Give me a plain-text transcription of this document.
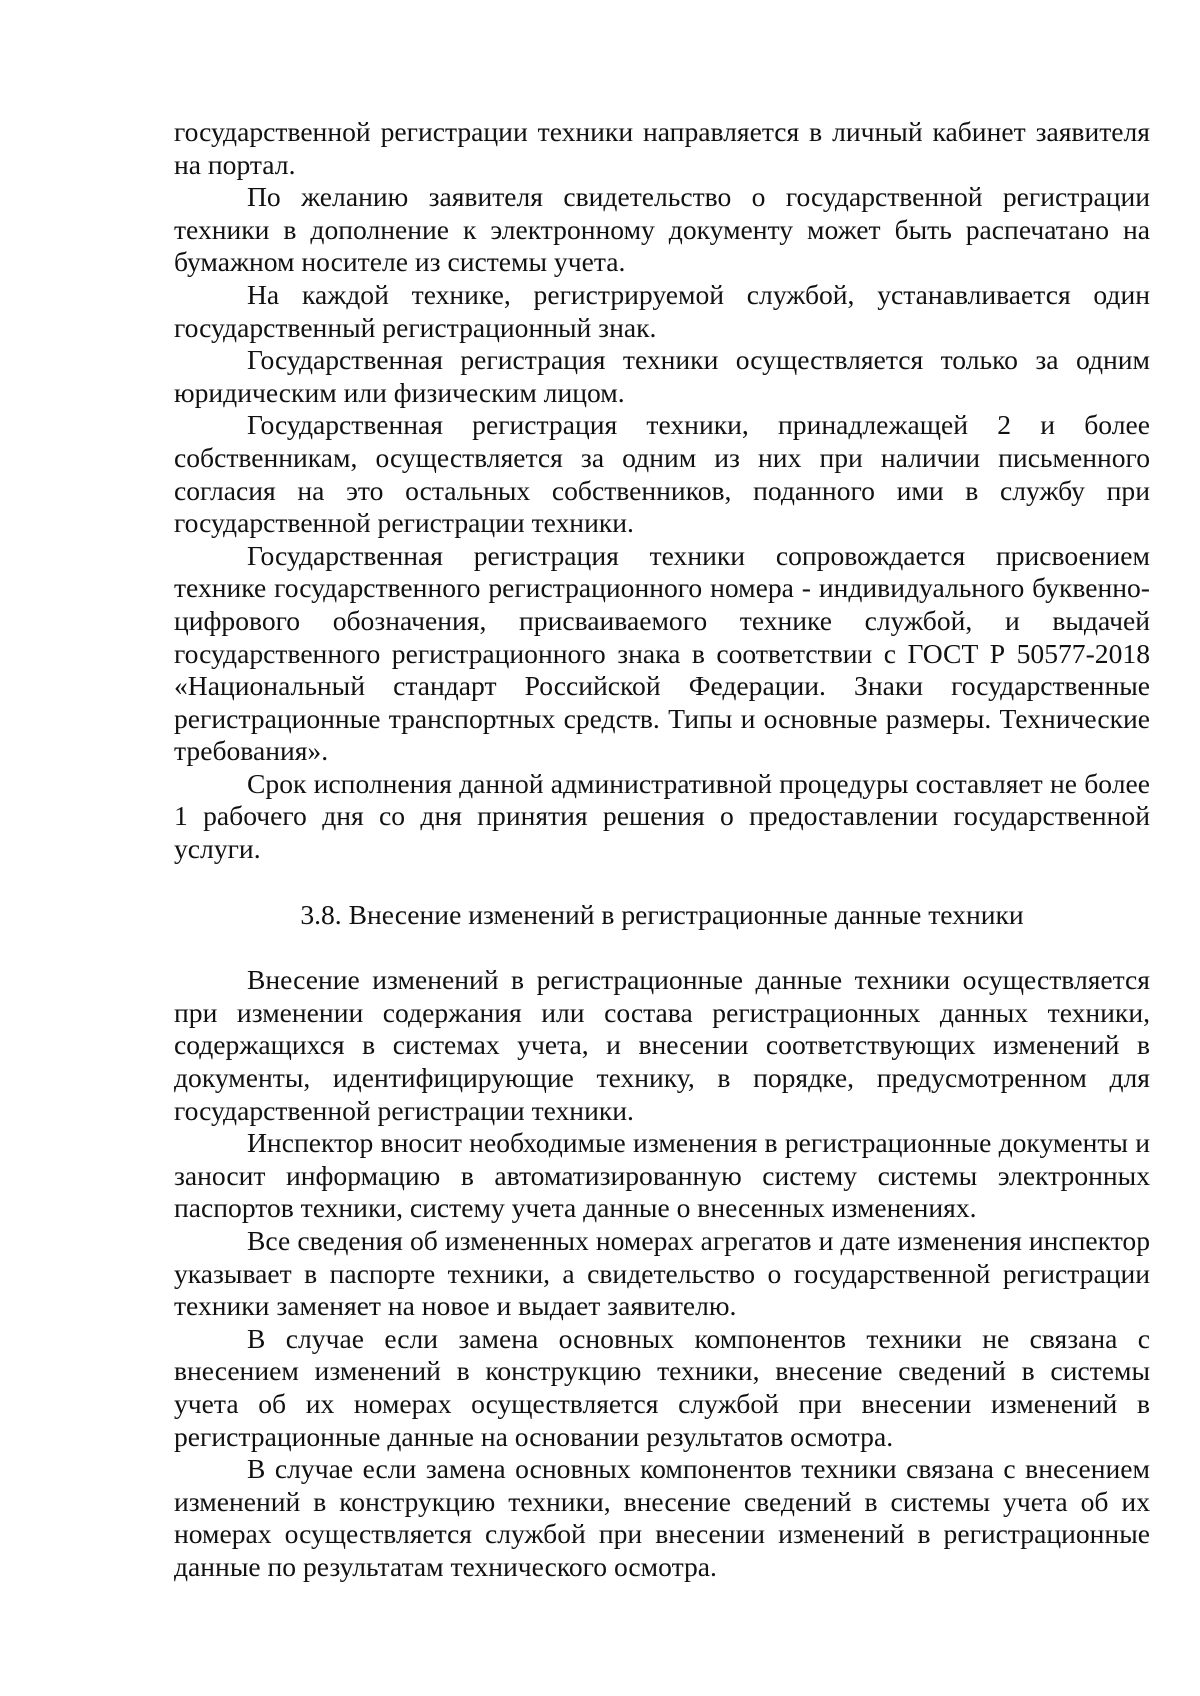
государственной регистрации техники направляется в личный кабинет заявителя на портал.

По желанию заявителя свидетельство о государственной регистрации техники в дополнение к электронному документу может быть распечатано на бумажном носителе из системы учета.

На каждой технике, регистрируемой службой, устанавливается один государственный регистрационный знак.

Государственная регистрация техники осуществляется только за одним юридическим или физическим лицом.

Государственная регистрация техники, принадлежащей 2 и более собственникам, осуществляется за одним из них при наличии письменного согласия на это остальных собственников, поданного ими в службу при государственной регистрации техники.

Государственная регистрация техники сопровождается присвоением технике государственного регистрационного номера - индивидуального буквенно-цифрового обозначения, присваиваемого технике службой, и выдачей государственного регистрационного знака в соответствии с ГОСТ Р 50577-2018 «Национальный стандарт Российской Федерации. Знаки государственные регистрационные транспортных средств. Типы и основные размеры. Технические требования».

Срок исполнения данной административной процедуры составляет не более 1 рабочего дня со дня принятия решения о предоставлении государственной услуги.

3.8. Внесение изменений в регистрационные данные техники

Внесение изменений в регистрационные данные техники осуществляется при изменении содержания или состава регистрационных данных техники, содержащихся в системах учета, и внесении соответствующих изменений в документы, идентифицирующие технику, в порядке, предусмотренном для государственной регистрации техники.

Инспектор вносит необходимые изменения в регистрационные документы и заносит информацию в автоматизированную систему системы электронных паспортов техники, систему учета данные о внесенных изменениях.

Все сведения об измененных номерах агрегатов и дате изменения инспектор указывает в паспорте техники, а свидетельство о государственной регистрации техники заменяет на новое и выдает заявителю.

В случае если замена основных компонентов техники не связана с внесением изменений в конструкцию техники, внесение сведений в системы учета об их номерах осуществляется службой при внесении изменений в регистрационные данные на основании результатов осмотра.

В случае если замена основных компонентов техники связана с внесением изменений в конструкцию техники, внесение сведений в системы учета об их номерах осуществляется службой при внесении изменений в регистрационные данные по результатам технического осмотра.
